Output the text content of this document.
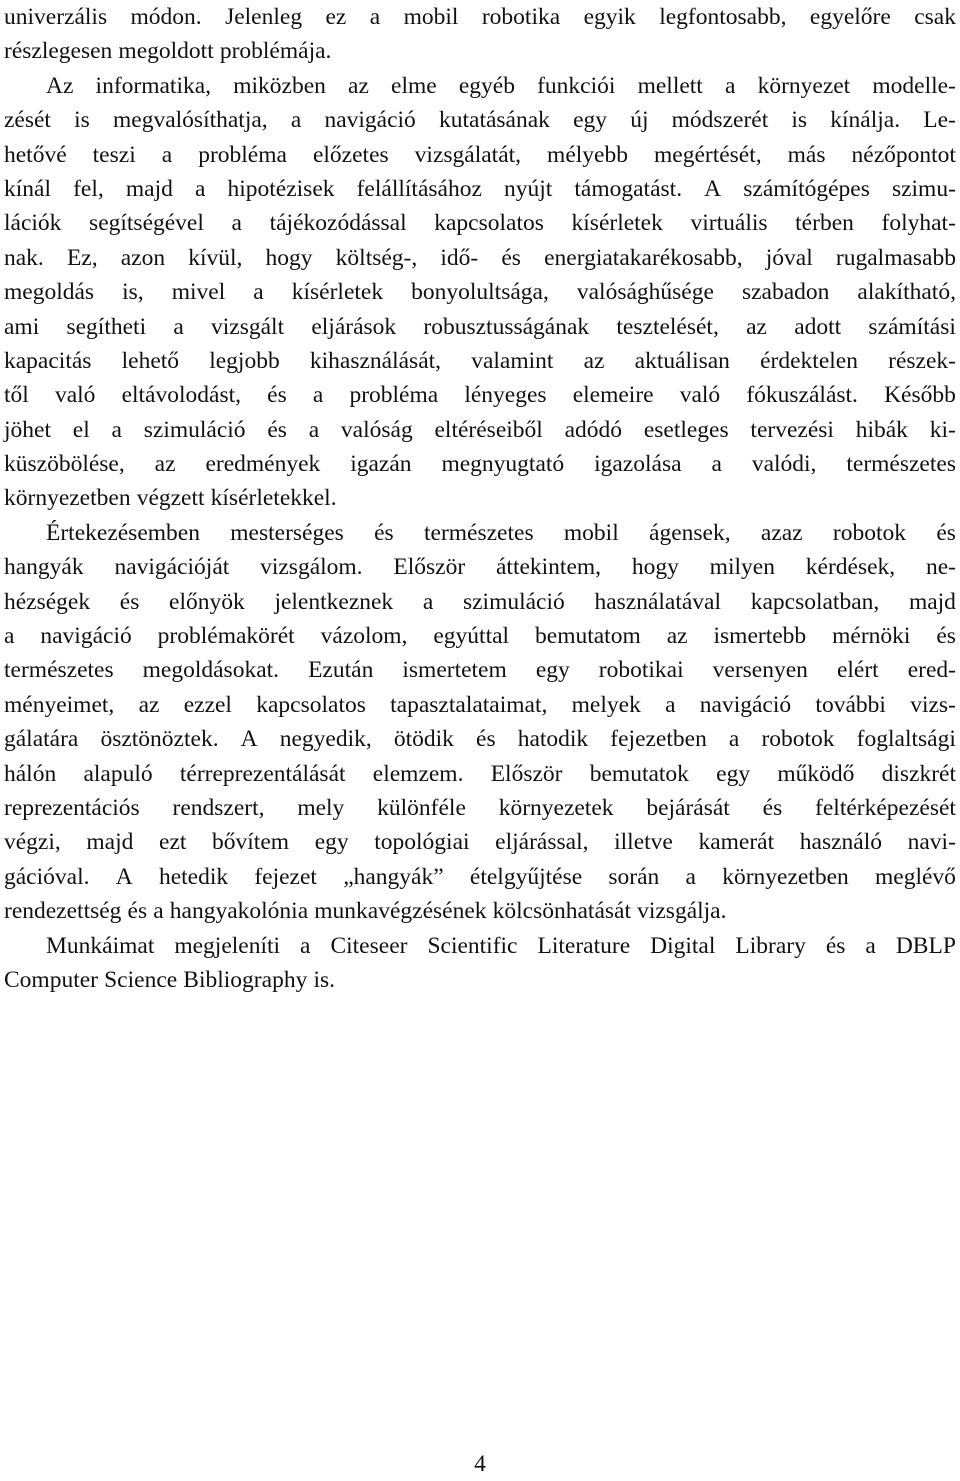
univerzális módon. Jelenleg ez a mobil robotika egyik legfontosabb, egyelőre csak
részlegesen megoldott problémája.
Az informatika, miközben az elme egyéb funkciói mellett a környezet modelle-
zését is megvalósíthatja, a navigáció kutatásának egy új módszerét is kínálja. Le-
hetővé teszi a probléma előzetes vizsgálatát, mélyebb megértését, más nézőpontot
kínál fel, majd a hipotézisek felállításához nyújt támogatást. A számítógépes szimu-
lációk segítségével a tájékozódással kapcsolatos kísérletek virtuális térben folyhat-
nak. Ez, azon kívül, hogy költség-, idő- és energiatakarékosabb, jóval rugalmasabb
megoldás is, mivel a kísérletek bonyolultsága, valósághűsége szabadon alakítható,
ami segítheti a vizsgált eljárások robusztusságának tesztelését, az adott számítási
kapacitás lehető legjobb kihasználását, valamint az aktuálisan érdektelen részek-
től való eltávolodást, és a probléma lényeges elemeire való fókuszálást. Később
jöhet el a szimuláció és a valóság eltéréseiből adódó esetleges tervezési hibák ki-
küszöbölése, az eredmények igazán megnyugtató igazolása a valódi, természetes
környezetben végzett kísérletekkel.
Értekezésemben mesterséges és természetes mobil ágensek, azaz robotok és
hangyák navigációját vizsgálom. Először áttekintem, hogy milyen kérdések, ne-
hézségek és előnyök jelentkeznek a szimuláció használatával kapcsolatban, majd
a navigáció problémakörét vázolom, egyúttal bemutatom az ismertebb mérnöki és
természetes megoldásokat. Ezután ismertetem egy robotikai versenyen elért ered-
ményeimet, az ezzel kapcsolatos tapasztalataimat, melyek a navigáció további vizs-
gálatára ösztönöztek. A negyedik, ötödik és hatodik fejezetben a robotok foglaltsági
hálón alapuló térreprezentálását elemzem. Először bemutatok egy működő diszkrét
reprezentációs rendszert, mely különféle környezetek bejárását és feltérképezését
végzi, majd ezt bővítem egy topológiai eljárással, illetve kamerát használó navi-
gációval. A hetedik fejezet „hangyák” ételgyűjtése során a környezetben meglévő
rendezettség és a hangyakolónia munkavégzésének kölcsönhatását vizsgálja.
Munkáimat megjeleníti a Citeseer Scientific Literature Digital Library és a DBLP
Computer Science Bibliography is.
4
